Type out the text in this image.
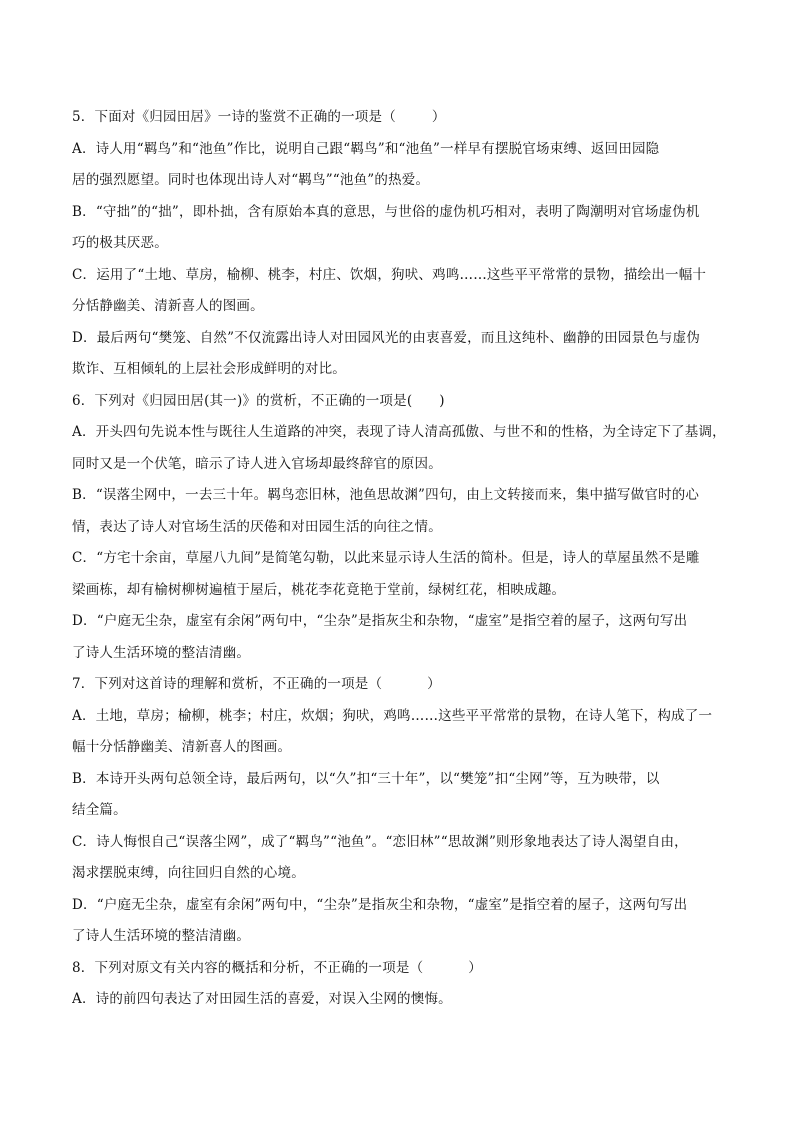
5．下面对《归园田居》一诗的鉴赏不正确的一项是（        ）
A．诗人用“羁鸟”和“池鱼”作比，说明自己跟“羁鸟”和“池鱼”一样早有摆脱官场束缚、返回田园隐
居的强烈愿望。同时也体现出诗人对“羁鸟”“池鱼”的热爱。
B．“守拙”的“拙”，即朴拙，含有原始本真的意思，与世俗的虚伪机巧相对，表明了陶潮明对官场虚伪机
巧的极其厌恶。
C．运用了“土地、草房，榆柳、桃李，村庄、饮烟，狗吠、鸡鸣……这些平平常常的景物，描绘出一幅十
分恬静幽美、清新喜人的图画。
D．最后两句“樊笼、自然”不仅流露出诗人对田园风光的由衷喜爱，而且这纯朴、幽静的田园景色与虚伪
欺诈、互相倾轧的上层社会形成鲜明的对比。
6．下列对《归园田居(其一)》的赏析，不正确的一项是(      )
A．开头四句先说本性与既往人生道路的冲突，表现了诗人清高孤傲、与世不和的性格，为全诗定下了基调，
同时又是一个伏笔，暗示了诗人进入官场却最终辞官的原因。
B．“误落尘网中，一去三十年。羁鸟恋旧林，池鱼思故渊”四句，由上文转接而来，集中描写做官时的心
情，表达了诗人对官场生活的厌倦和对田园生活的向往之情。
C．“方宅十余亩，草屋八九间”是简笔勾勒，以此来显示诗人生活的简朴。但是，诗人的草屋虽然不是雕
梁画栋，却有榆树柳树遍植于屋后，桃花李花竟艳于堂前，绿树红花，相映成趣。
D．“户庭无尘杂，虚室有余闲”两句中，“尘杂”是指灰尘和杂物，“虚室”是指空着的屋子，这两句写出
了诗人生活环境的整洁清幽。
7．下列对这首诗的理解和赏析，不正确的一项是（          ）
A．土地，草房；榆柳，桃李；村庄，炊烟；狗吠，鸡鸣……这些平平常常的景物，在诗人笔下，构成了一
幅十分恬静幽美、清新喜人的图画。
B．本诗开头两句总领全诗，最后两句，以“久”扣“三十年”，以“樊笼”扣“尘网”等，互为映带，以
结全篇。
C．诗人悔恨自己“误落尘网”，成了“羁鸟”“池鱼”。“恋旧林”“思故渊”则形象地表达了诗人渴望自由，
渴求摆脱束缚，向往回归自然的心境。
D．“户庭无尘杂，虚室有余闲”两句中，“尘杂”是指灰尘和杂物，“虚室”是指空着的屋子，这两句写出
了诗人生活环境的整洁清幽。
8．下列对原文有关内容的概括和分析，不正确的一项是（          ）
A．诗的前四句表达了对田园生活的喜爱，对误入尘网的懊悔。
